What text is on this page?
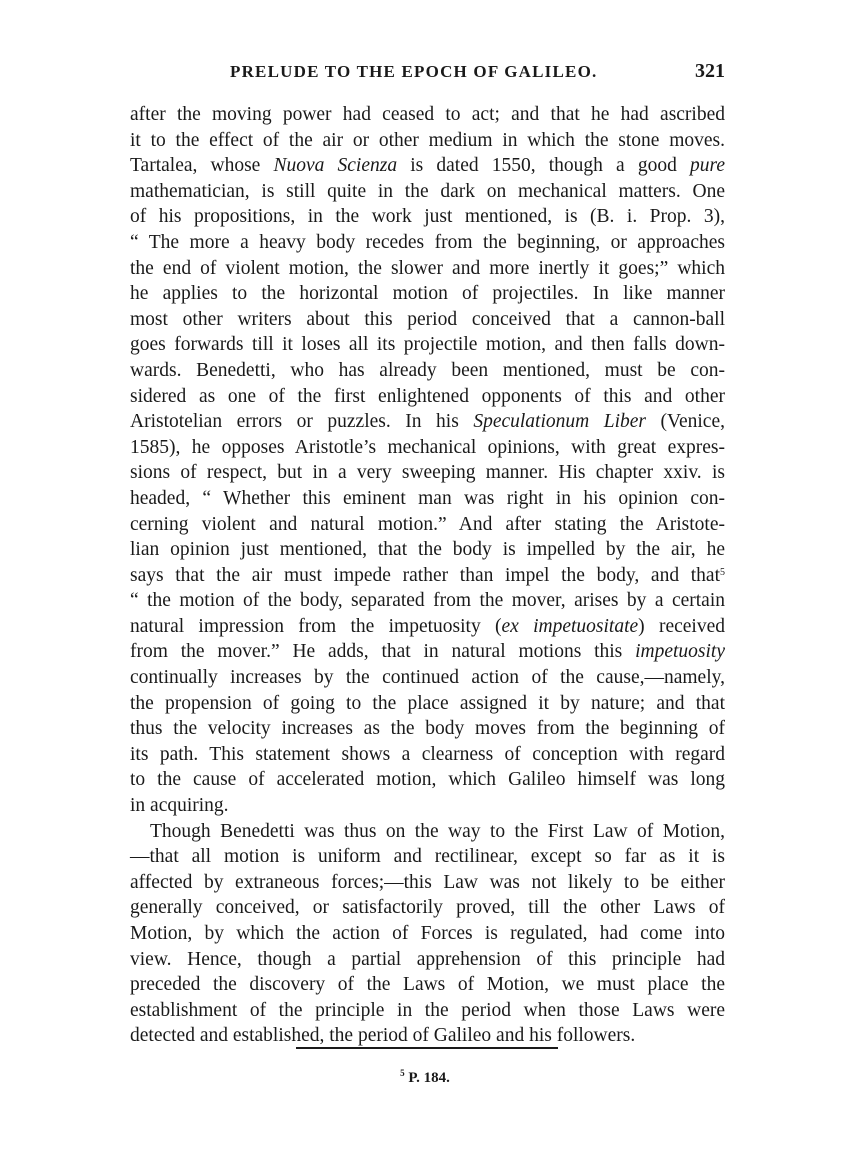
PRELUDE TO THE EPOCH OF GALILEO.	321
after the moving power had ceased to act; and that he had ascribed
it to the effect of the air or other medium in which the stone moves.
Tartalea, whose Nuova Scienza is dated 1550, though a good pure
mathematician, is still quite in the dark on mechanical matters. One
of his propositions, in the work just mentioned, is (B. i. Prop. 3),
“ The more a heavy body recedes from the beginning, or approaches
the end of violent motion, the slower and more inertly it goes;” which
he applies to the horizontal motion of projectiles. In like manner
most other writers about this period conceived that a cannon-ball
goes forwards till it loses all its projectile motion, and then falls down-
wards. Benedetti, who has already been mentioned, must be con-
sidered as one of the first enlightened opponents of this and other
Aristotelian errors or puzzles. In his Speculationum Liber (Venice,
1585), he opposes Aristotle’s mechanical opinions, with great expres-
sions of respect, but in a very sweeping manner. His chapter xxiv. is
headed, “ Whether this eminent man was right in his opinion con-
cerning violent and natural motion.” And after stating the Aristote-
lian opinion just mentioned, that the body is impelled by the air, he
says that the air must impede rather than impel the body, and that$^5$
“ the motion of the body, separated from the mover, arises by a certain
natural impression from the impetuosity (ex impetuositate) received
from the mover.” He adds, that in natural motions this impetuosity
continually increases by the continued action of the cause,—namely,
the propension of going to the place assigned it by nature; and that
thus the velocity increases as the body moves from the beginning of
its path. This statement shows a clearness of conception with regard
to the cause of accelerated motion, which Galileo himself was long
in acquiring.
Though Benedetti was thus on the way to the First Law of Motion,
—that all motion is uniform and rectilinear, except so far as it is
affected by extraneous forces;—this Law was not likely to be either
generally conceived, or satisfactorily proved, till the other Laws of
Motion, by which the action of Forces is regulated, had come into
view. Hence, though a partial apprehension of this principle had
preceded the discovery of the Laws of Motion, we must place the
establishment of the principle in the period when those Laws were
detected and established, the period of Galileo and his followers.
$^5$ P. 184.
